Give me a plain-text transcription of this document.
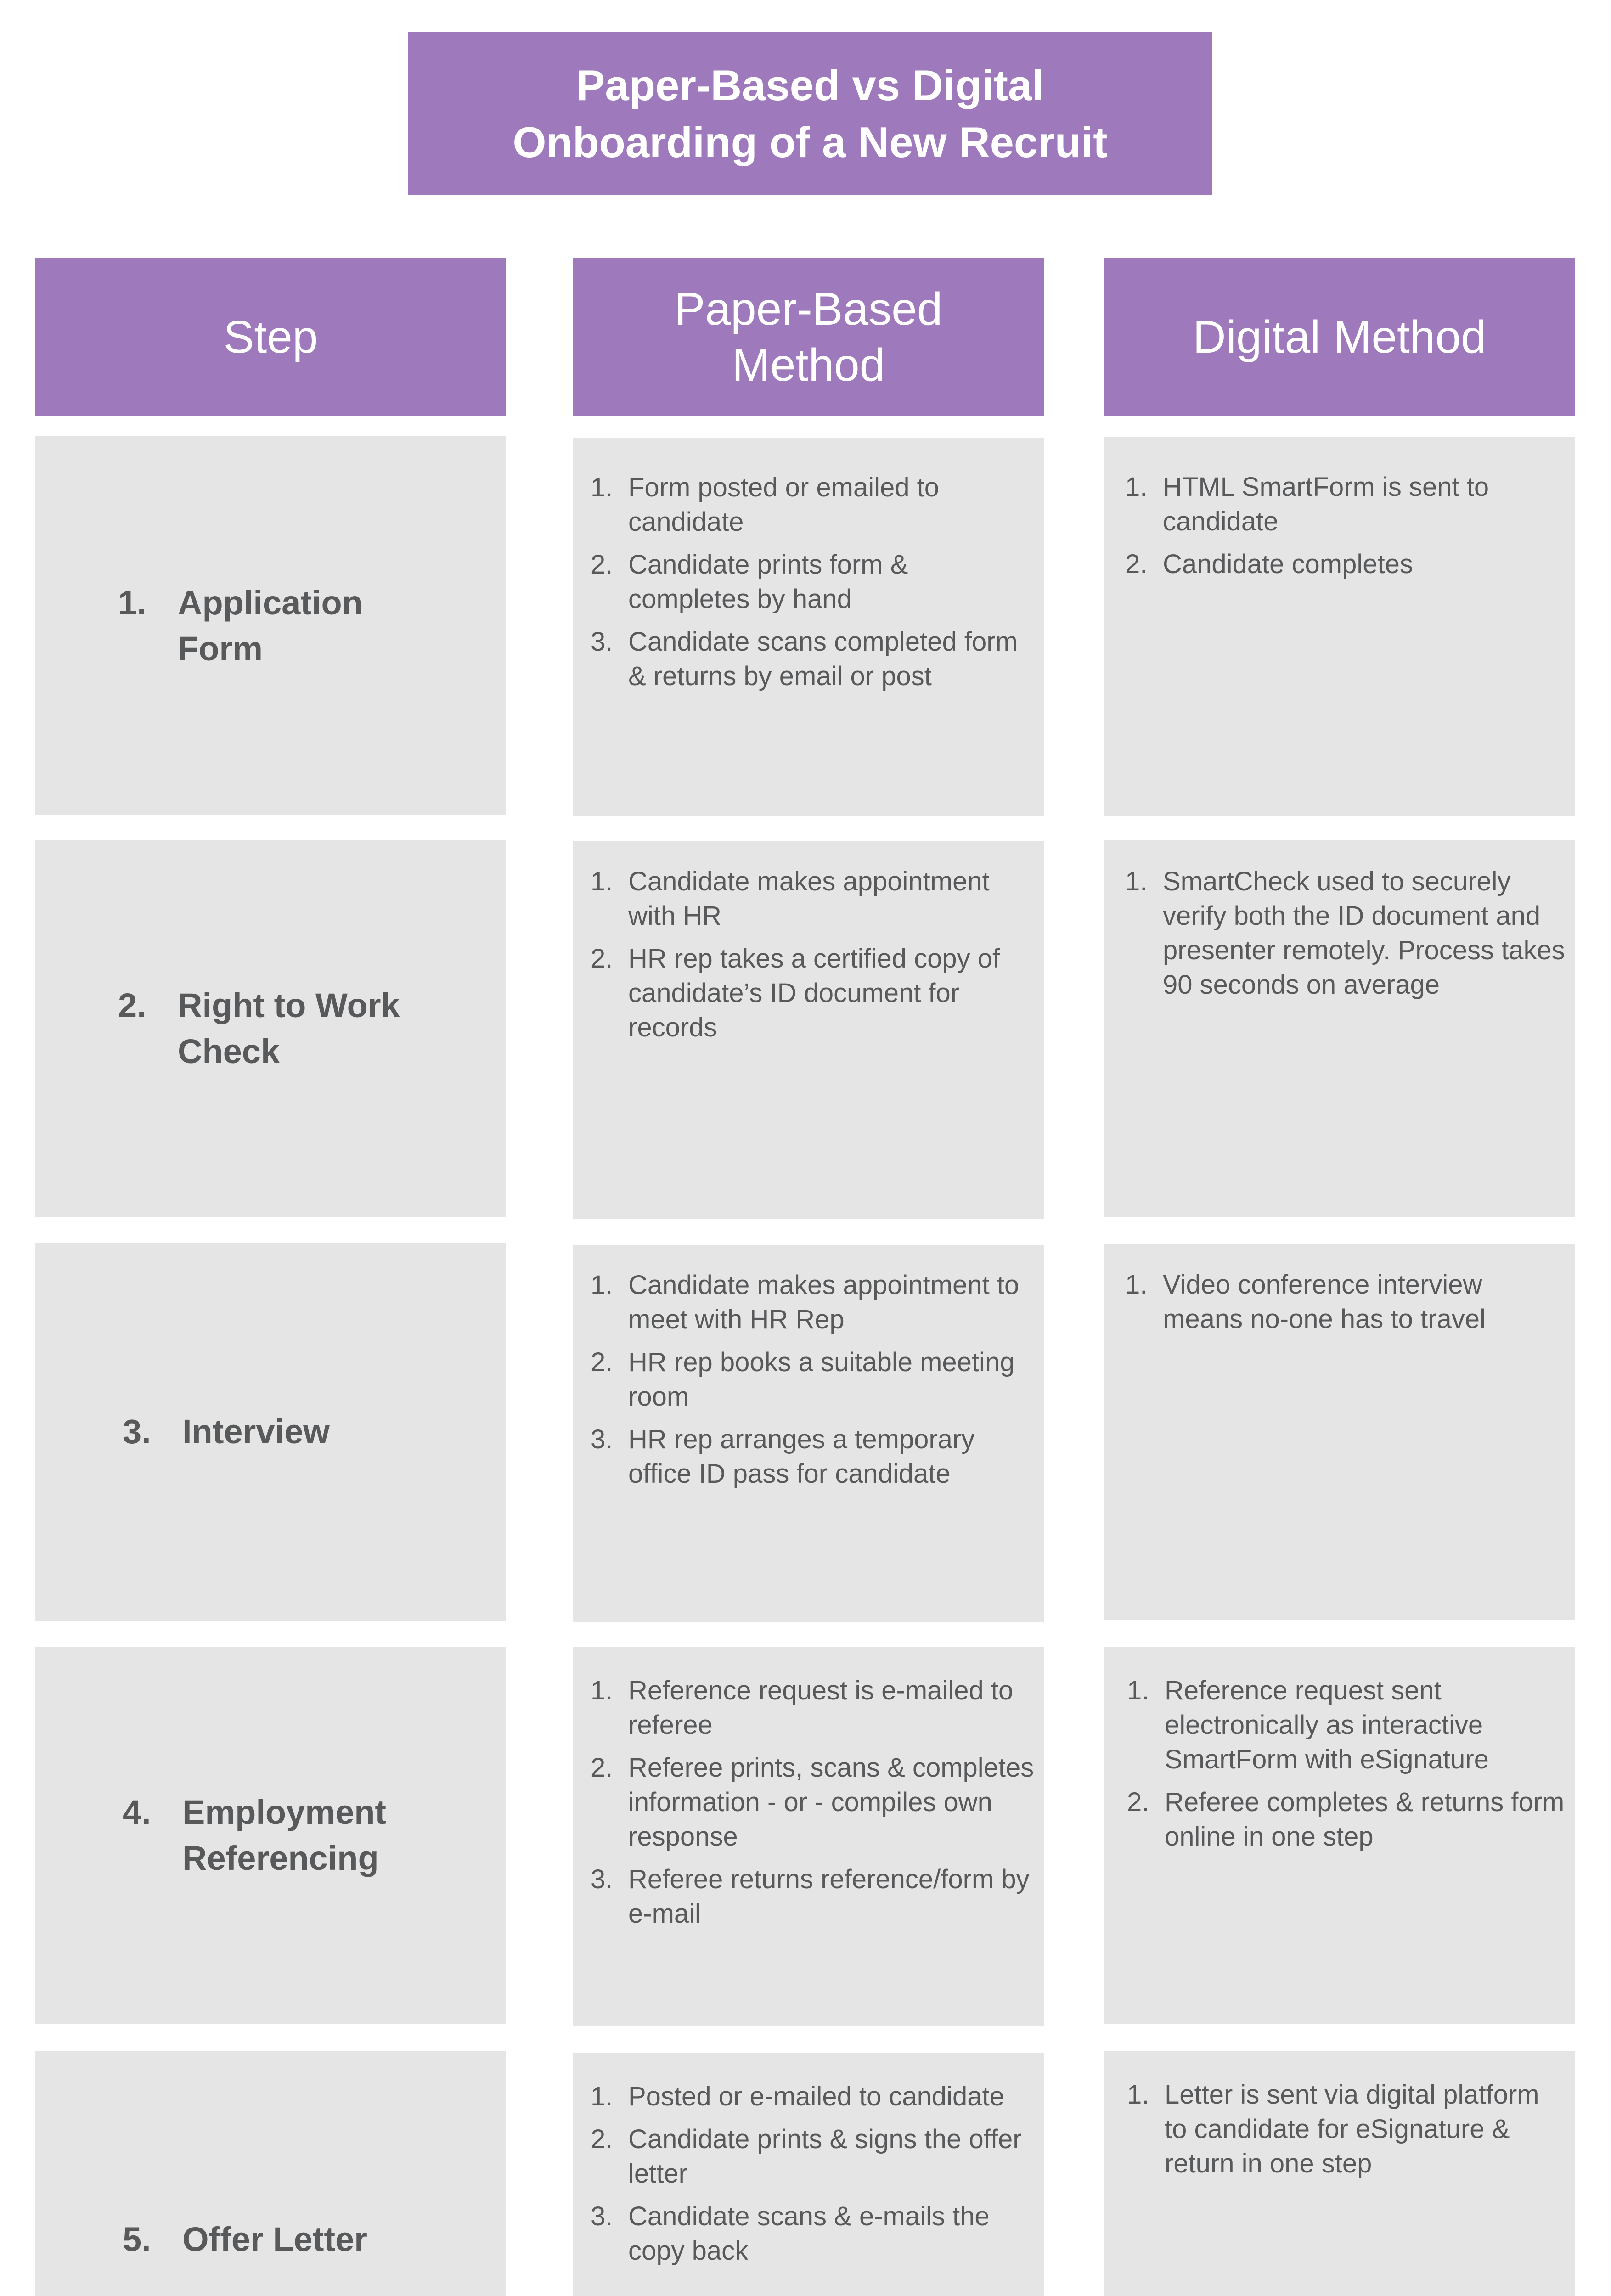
Paper-Based vs Digital
Onboarding of a New Recruit
Step
Paper-Based
Method
Digital Method
1. Application
Form
1. Form posted or emailed to candidate
2. Candidate prints form & completes by hand
3. Candidate scans completed form & returns by email or post
1. HTML SmartForm is sent to candidate
2. Candidate completes
2. Right to Work
Check
1. Candidate makes appointment with HR
2. HR rep takes a certified copy of candidate’s ID document for records
1. SmartCheck used to securely verify both the ID document and presenter remotely. Process takes 90 seconds on average
3. Interview
1. Candidate makes appointment to meet with HR Rep
2. HR rep books a suitable meeting room
3. HR rep arranges a temporary office ID pass for candidate
1. Video conference interview means no-one has to travel
4. Employment
Referencing
1. Reference request is e-mailed to referee
2. Referee prints, scans & completes information - or - compiles own response
3. Referee returns reference/form by e-mail
1. Reference request sent electronically as interactive SmartForm with eSignature
2. Referee completes & returns form online in one step
5. Offer Letter
1. Posted or e-mailed to candidate
2. Candidate prints & signs the offer letter
3. Candidate scans & e-mails the copy back
1. Letter is sent via digital platform to candidate for eSignature & return in one step
